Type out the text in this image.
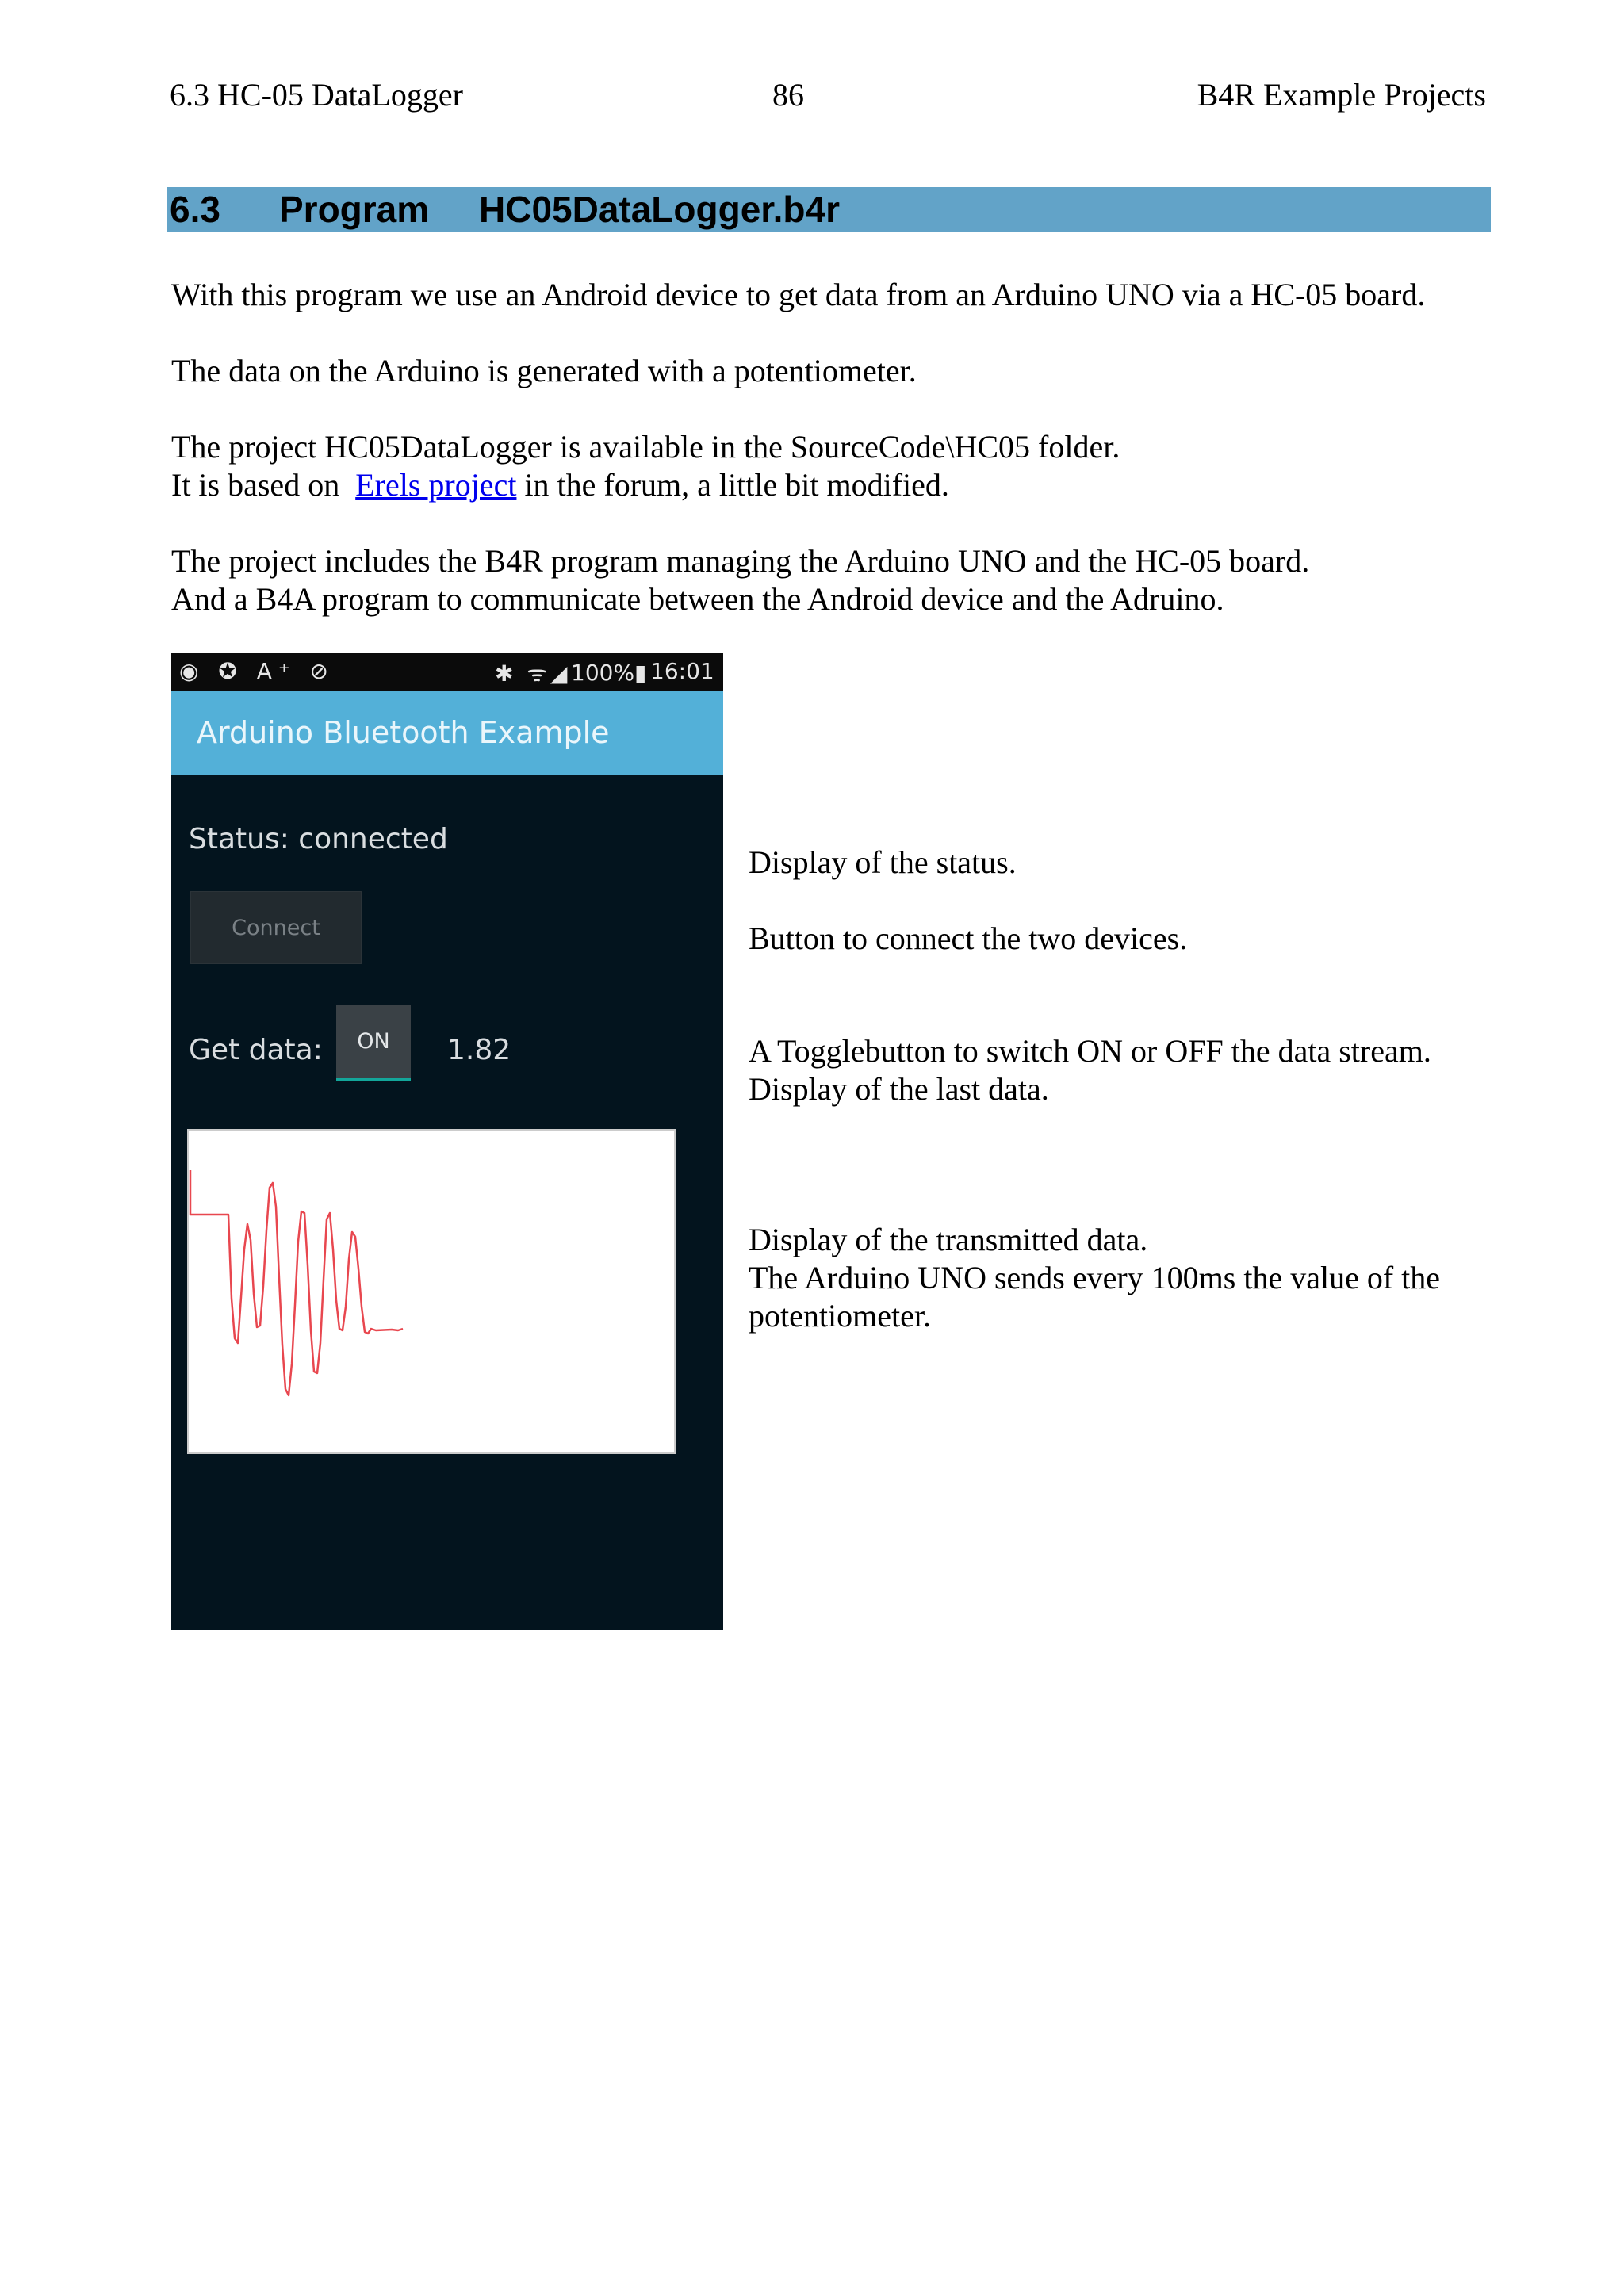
6.3 HC-05 DataLogger	86	B4R Example Projects
6.3 Program HC05DataLogger.b4r
With this program we use an Android device to get data from an Arduino UNO via a HC-05 board.
The data on the Arduino is generated with a potentiometer.
The project HC05DataLogger is available in the SourceCode\HC05 folder.
It is based on  Erels project in the forum, a little bit modified.
The project includes the B4R program managing the Arduino UNO and the HC-05 board.
And a B4A program to communicate between the Android device and the Adruino.
◉ ✪ A⁺ ⊘	✱ ᯤ◢ 100%▮ 16:01
Arduino Bluetooth Example
Status: connected
Connect
Get data:	ON	1.82
Display of the status.
Button to connect the two devices.
A Togglebutton to switch ON or OFF the data stream.
Display of the last data.
Display of the transmitted data.
The Arduino UNO sends every 100ms the value of the
potentiometer.
